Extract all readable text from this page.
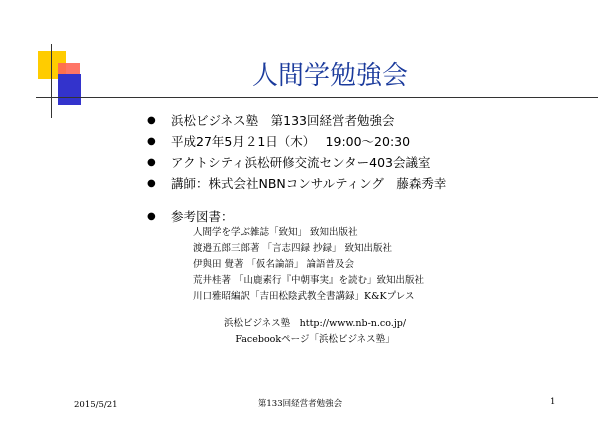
人間学勉強会
● 浜松ビジネス塾　第133回経営者勉強会
● 平成27年5月２1日（木）　 19:00～20:30
● アクトシティ浜松研修交流センター403会議室
● 講師：株式会社NBNコンサルティング　藤森秀幸
● 参考図書：
人間学を学ぶ雑誌「致知」 致知出版社
渡邉五郎三郎著 「言志四録 抄録」 致知出版社
伊與田 覺著 「仮名論語」 論語普及会
荒井桂著 「山鹿素行『中朝事実』を読む」致知出版社
川口雅昭編訳「吉田松陰武教全書講録」K&Kプレス
浜松ビジネス塾　http://www.nb-n.co.jp/
Facebookページ「浜松ビジネス塾」
2015/5/21	第133回経営者勉強会	1
